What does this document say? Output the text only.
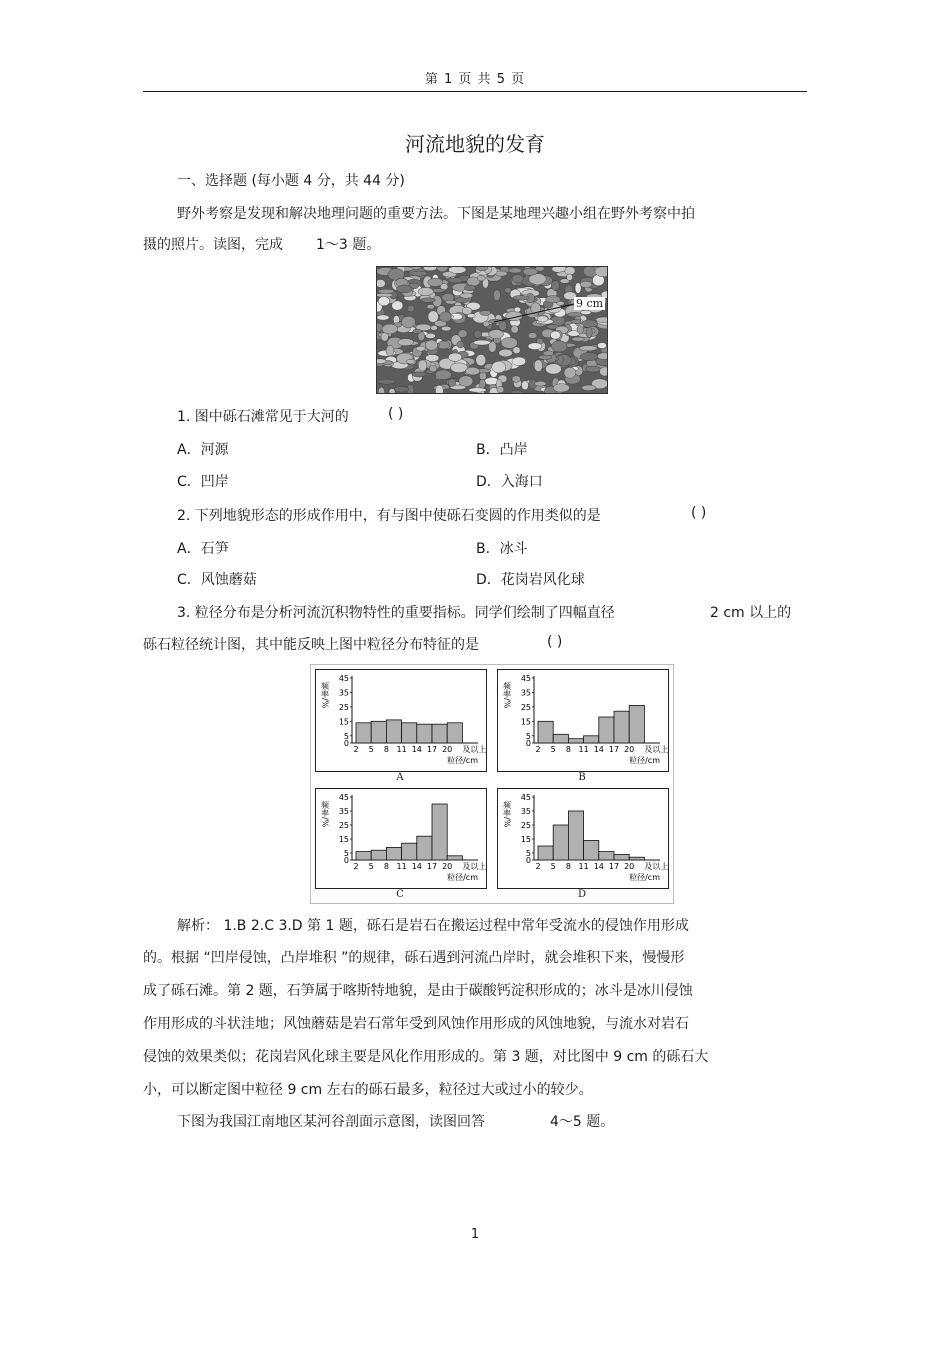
第 1 页 共 5 页
河流地貌的发育
一、选择题 (每小题 4 分，共 44 分)
野外考察是发现和解决地理问题的重要方法。下图是某地理兴趣小组在野外考察中拍
摄的照片。读图，完成 1～3 题。
9 cm
1. 图中砾石滩常见于大河的	( )
A．河源	B．凸岸
C．凹岸	D．入海口
2. 下列地貌形态的形成作用中，有与图中使砾石变圆的作用类似的是	( )
A．石笋	B．冰斗
C．风蚀蘑菇	D．花岗岩风化球
3. 粒径分布是分析河流沉积物特性的重要指标。同学们绘制了四幅直径	2 cm 以上的
砾石粒径统计图，其中能反映上图中粒径分布特征的是	( )
频率/%
0
5
15
25
35
45
2 5 8 11 14 17 20 及以上
粒径/cm
A
频率/%
0
5
15
25
35
45
2 5 8 11 14 17 20 及以上
粒径/cm
B
频率/%
0
5
15
25
35
45
2 5 8 11 14 17 20 及以上
粒径/cm
C
频率/%
0
5
15
25
35
45
2 5 8 11 14 17 20 及以上
粒径/cm
D
解析： 1.B 2.C 3.D 第 1 题，砾石是岩石在搬运过程中常年受流水的侵蚀作用形成
的。根据 “凹岸侵蚀，凸岸堆积 ”的规律，砾石遇到河流凸岸时，就会堆积下来，慢慢形
成了砾石滩。第 2 题，石笋属于喀斯特地貌，是由于碳酸钙淀积形成的；冰斗是冰川侵蚀
作用形成的斗状洼地；风蚀蘑菇是岩石常年受到风蚀作用形成的风蚀地貌，与流水对岩石
侵蚀的效果类似；花岗岩风化球主要是风化作用形成的。第 3 题，对比图中 9 cm 的砾石大
小，可以断定图中粒径 9 cm 左右的砾石最多，粒径过大或过小的较少。
下图为我国江南地区某河谷剖面示意图，读图回答	4～5 题。
1
